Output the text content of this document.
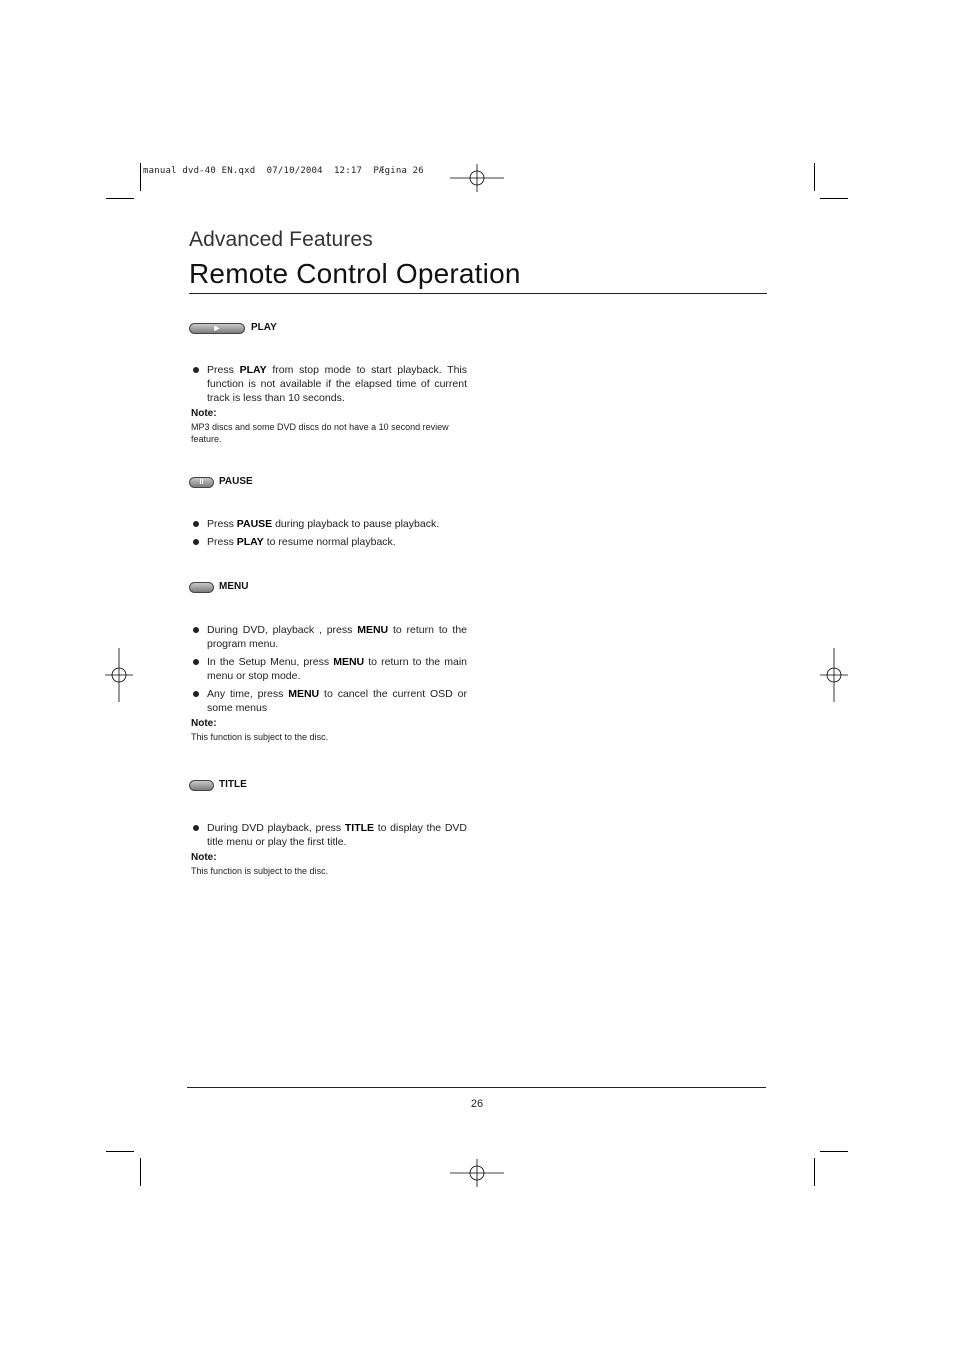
manual dvd-40 EN.qxd  07/10/2004  12:17  PÆgina 26
Advanced Features
Remote Control Operation
►	PLAY
Press PLAY from stop mode to start playback. This function is not available if the elapsed time of current track is less than 10 seconds.
Note:
MP3 discs and some DVD discs do not have a 10 second review feature.
II	PAUSE
Press PAUSE during playback to pause playback.
Press PLAY to resume normal playback.
MENU
During DVD, playback , press MENU to return to the program menu.
In the Setup Menu, press MENU to return to the main menu or stop mode.
Any time, press MENU to cancel the current OSD or some menus
Note:
This function is subject to the disc.
TITLE
During DVD playback, press TITLE to display the DVD title menu or play the first title.
Note:
This function is subject to the disc.
26
